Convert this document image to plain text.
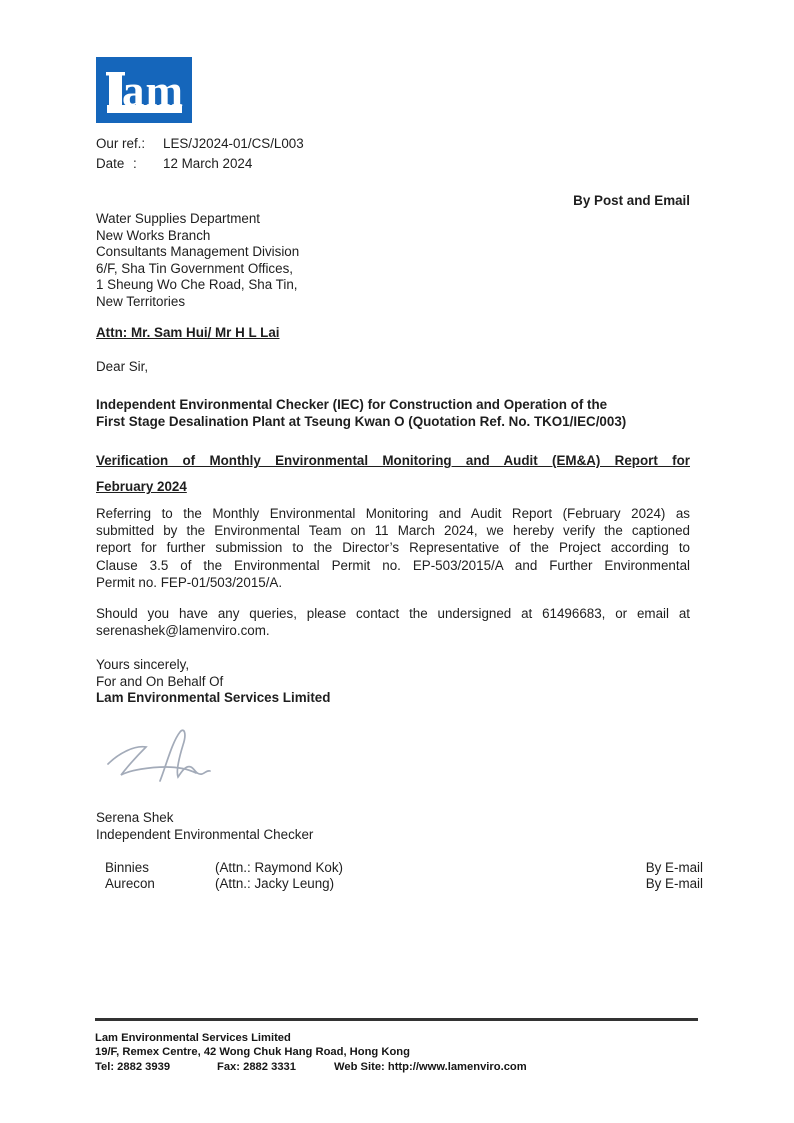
am
Our ref.: LES/J2024-01/CS/L003
Date : 12 March 2024
By Post and Email
Water Supplies Department
New Works Branch
Consultants Management Division
6/F, Sha Tin Government Offices,
1 Sheung Wo Che Road, Sha Tin,
New Territories
Attn: Mr. Sam Hui/ Mr H L Lai
Dear Sir,
Independent Environmental Checker (IEC) for Construction and Operation of the
First Stage Desalination Plant at Tseung Kwan O (Quotation Ref. No. TKO1/IEC/003)
Verification of Monthly Environmental Monitoring and Audit (EM&A) Report for
February 2024
Referring to the Monthly Environmental Monitoring and Audit Report (February 2024) as
submitted by the Environmental Team on 11 March 2024, we hereby verify the captioned
report for further submission to the Director’s Representative of the Project according to
Clause 3.5 of the Environmental Permit no. EP-503/2015/A and Further Environmental
Permit no. FEP-01/503/2015/A.
Should you have any queries, please contact the undersigned at 61496683, or email at
serenashek@lamenviro.com.
Yours sincerely,
For and On Behalf Of
Lam Environmental Services Limited
Serena Shek
Independent Environmental Checker
Binnies	(Attn.: Raymond Kok)	By E-mail
Aurecon	(Attn.: Jacky Leung)	By E-mail
Lam Environmental Services Limited
19/F, Remex Centre, 42 Wong Chuk Hang Road, Hong Kong
Tel: 2882 3939	Fax: 2882 3331	Web Site: http://www.lamenviro.com
